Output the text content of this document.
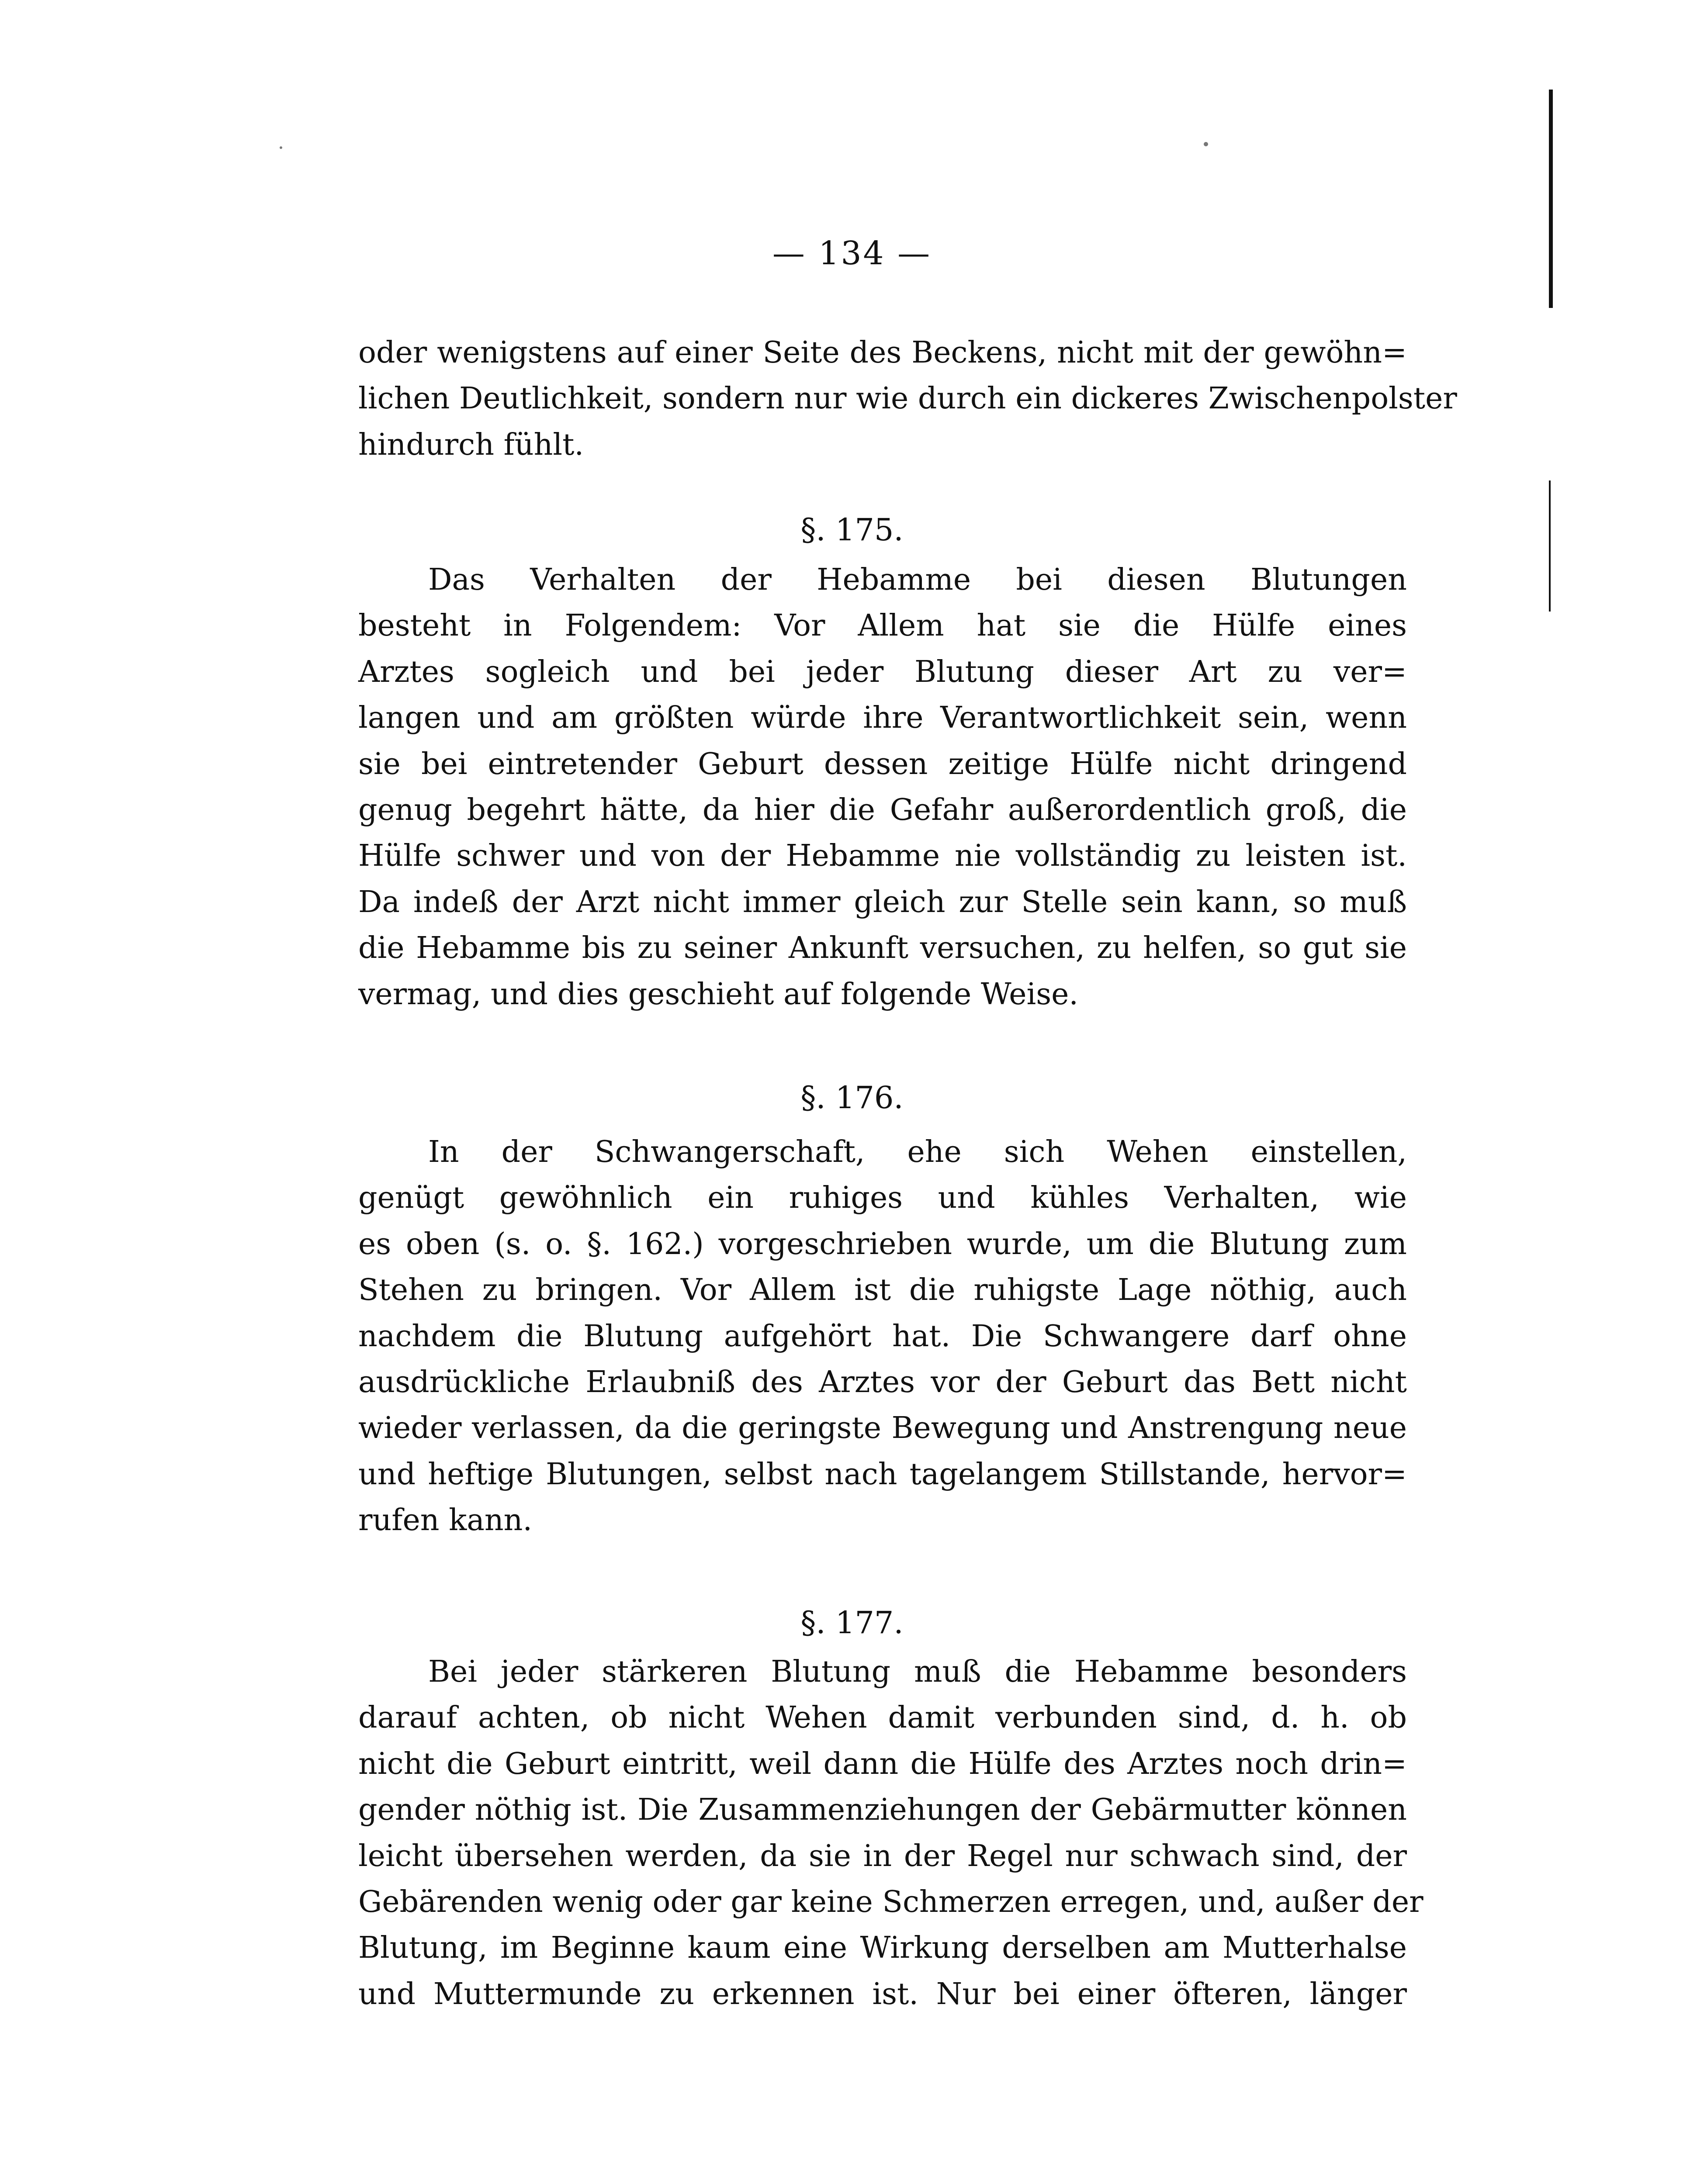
— 134 —

oder wenigstens auf einer Seite des Beckens, nicht mit der gewöhn=
lichen Deutlichkeit, sondern nur wie durch ein dickeres Zwischenpolster
hindurch fühlt.

§. 175.

Das Verhalten der Hebamme bei diesen Blutungen
besteht in Folgendem: Vor Allem hat sie die Hülfe eines
Arztes sogleich und bei jeder Blutung dieser Art zu ver=
langen und am größten würde ihre Verantwortlichkeit sein, wenn
sie bei eintretender Geburt dessen zeitige Hülfe nicht dringend
genug begehrt hätte, da hier die Gefahr außerordentlich groß, die
Hülfe schwer und von der Hebamme nie vollständig zu leisten ist.
Da indeß der Arzt nicht immer gleich zur Stelle sein kann, so muß
die Hebamme bis zu seiner Ankunft versuchen, zu helfen, so gut sie
vermag, und dies geschieht auf folgende Weise.

§. 176.

In der Schwangerschaft, ehe sich Wehen einstellen,
genügt gewöhnlich ein ruhiges und kühles Verhalten, wie
es oben (s. o. §. 162.) vorgeschrieben wurde, um die Blutung zum
Stehen zu bringen. Vor Allem ist die ruhigste Lage nöthig, auch
nachdem die Blutung aufgehört hat. Die Schwangere darf ohne
ausdrückliche Erlaubniß des Arztes vor der Geburt das Bett nicht
wieder verlassen, da die geringste Bewegung und Anstrengung neue
und heftige Blutungen, selbst nach tagelangem Stillstande, hervor=
rufen kann.

§. 177.

Bei jeder stärkeren Blutung muß die Hebamme besonders
darauf achten, ob nicht Wehen damit verbunden sind, d. h. ob
nicht die Geburt eintritt, weil dann die Hülfe des Arztes noch drin=
gender nöthig ist. Die Zusammenziehungen der Gebärmutter können
leicht übersehen werden, da sie in der Regel nur schwach sind, der
Gebärenden wenig oder gar keine Schmerzen erregen, und, außer der
Blutung, im Beginne kaum eine Wirkung derselben am Mutterhalse
und Muttermunde zu erkennen ist. Nur bei einer öfteren, länger
